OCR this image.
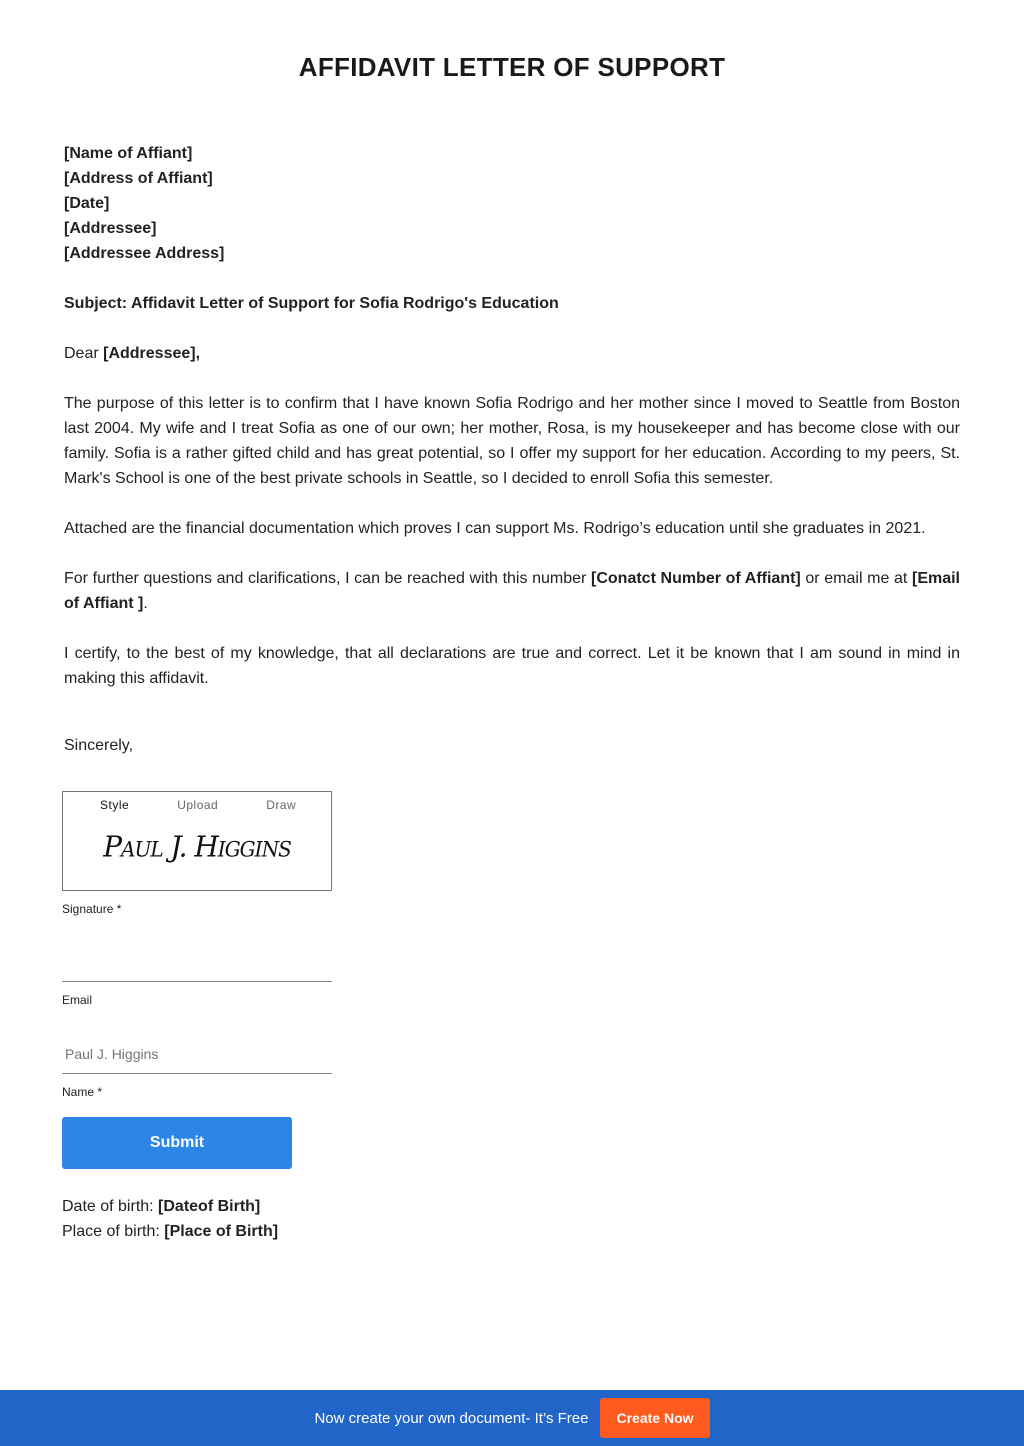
AFFIDAVIT LETTER OF SUPPORT

[Name of Affiant]
[Address of Affiant]
[Date]
[Addressee]
[Addressee Address]

Subject: Affidavit Letter of Support for Sofia Rodrigo's Education

Dear [Addressee],

The purpose of this letter is to confirm that I have known Sofia Rodrigo and her mother since I moved to Seattle from Boston last 2004. My wife and I treat Sofia as one of our own; her mother, Rosa, is my housekeeper and has become close with our family. Sofia is a rather gifted child and has great potential, so I offer my support for her education. According to my peers, St. Mark's School is one of the best private schools in Seattle, so I decided to enroll Sofia this semester.

Attached are the financial documentation which proves I can support Ms. Rodrigo’s education until she graduates in 2021.

For further questions and clarifications, I can be reached with this number [Conatct Number of Affiant] or email me at [Email of Affiant ].

I certify, to the best of my knowledge, that all declarations are true and correct. Let it be known that I am sound in mind in making this affidavit.

Sincerely,

Style	Upload	Draw
Paul J. Higgins
Signature *
Email
Paul J. Higgins
Name *
Submit
Date of birth: [Dateof Birth]
Place of birth: [Place of Birth]
Now create your own document- It’s Free	Create Now
